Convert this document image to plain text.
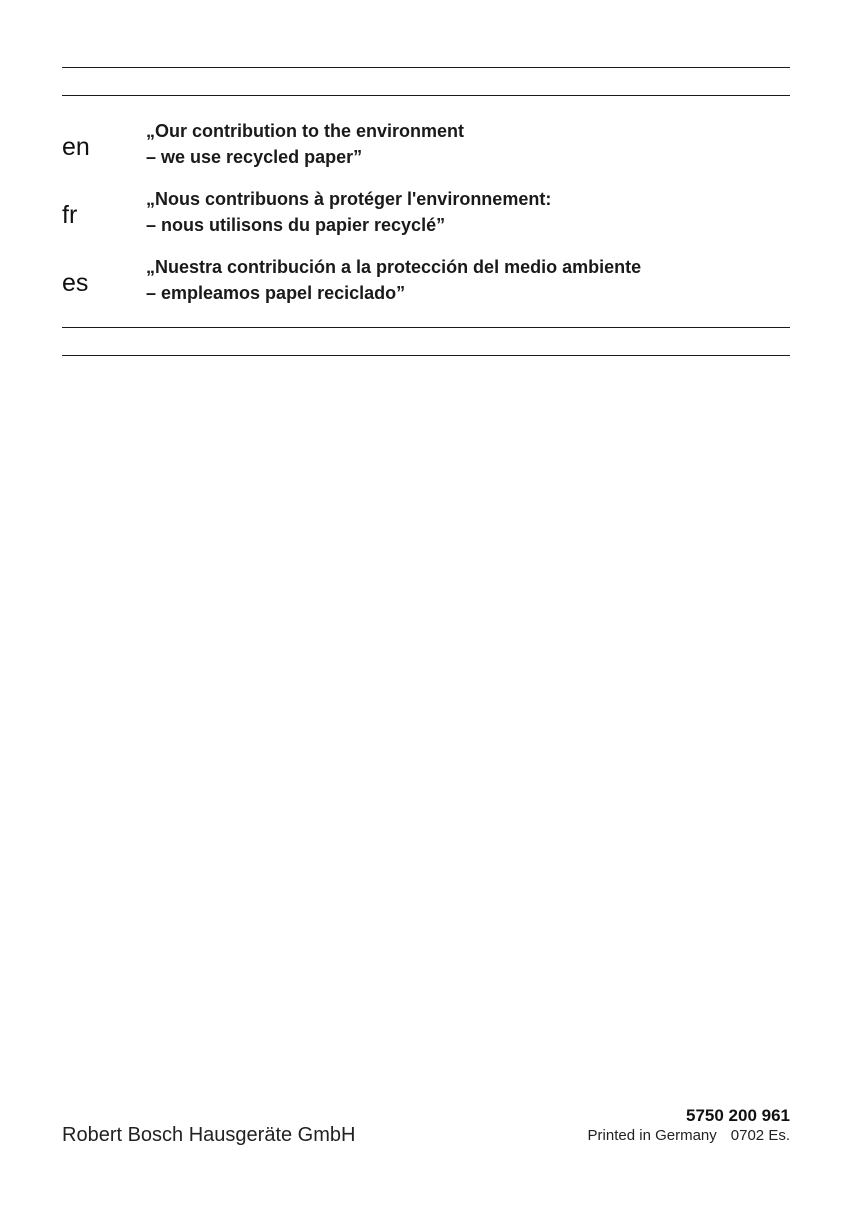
en
„Our contribution to the environment
– we use recycled paper”
fr
„Nous contribuons à protéger l'environnement:
– nous utilisons du papier recyclé”
es
„Nuestra contribución a la protección del medio ambiente
– empleamos papel reciclado”
Robert Bosch Hausgeräte GmbH
5750 200 961
Printed in Germany 0702 Es.
